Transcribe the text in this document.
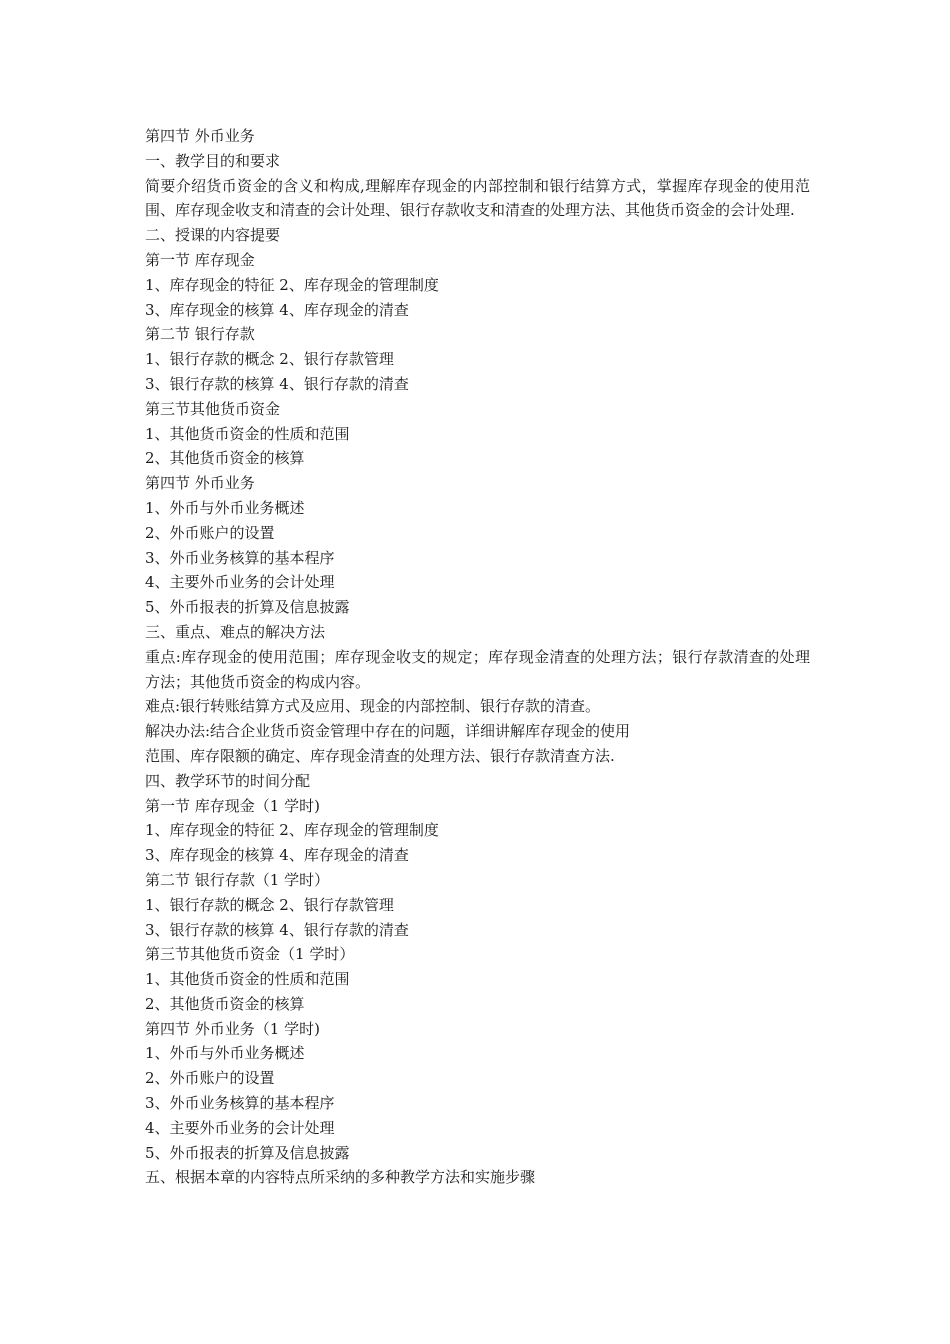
第四节 外币业务
一、教学目的和要求
简要介绍货币资金的含义和构成,理解库存现金的内部控制和银行结算方式，掌握库存现金的使用范围、库存现金收支和清查的会计处理、银行存款收支和清查的处理方法、其他货币资金的会计处理.
二、授课的内容提要
第一节 库存现金
1、库存现金的特征 2、库存现金的管理制度
3、库存现金的核算 4、库存现金的清查
第二节 银行存款
1、银行存款的概念 2、银行存款管理
3、银行存款的核算 4、银行存款的清查
第三节其他货币资金
1、其他货币资金的性质和范围
2、其他货币资金的核算
第四节 外币业务
1、外币与外币业务概述
2、外币账户的设置
3、外币业务核算的基本程序
4、主要外币业务的会计处理
5、外币报表的折算及信息披露
三、重点、难点的解决方法
重点:库存现金的使用范围；库存现金收支的规定；库存现金清查的处理方法；银行存款清查的处理方法；其他货币资金的构成内容。
难点:银行转账结算方式及应用、现金的内部控制、银行存款的清查。
解决办法:结合企业货币资金管理中存在的问题，详细讲解库存现金的使用
范围、库存限额的确定、库存现金清查的处理方法、银行存款清查方法.
四、教学环节的时间分配
第一节 库存现金（1 学时)
1、库存现金的特征 2、库存现金的管理制度
3、库存现金的核算 4、库存现金的清查
第二节 银行存款（1 学时）
1、银行存款的概念 2、银行存款管理
3、银行存款的核算 4、银行存款的清查
第三节其他货币资金（1 学时）
1、其他货币资金的性质和范围
2、其他货币资金的核算
第四节 外币业务（1 学时)
1、外币与外币业务概述
2、外币账户的设置
3、外币业务核算的基本程序
4、主要外币业务的会计处理
5、外币报表的折算及信息披露
五、根据本章的内容特点所采纳的多种教学方法和实施步骤
